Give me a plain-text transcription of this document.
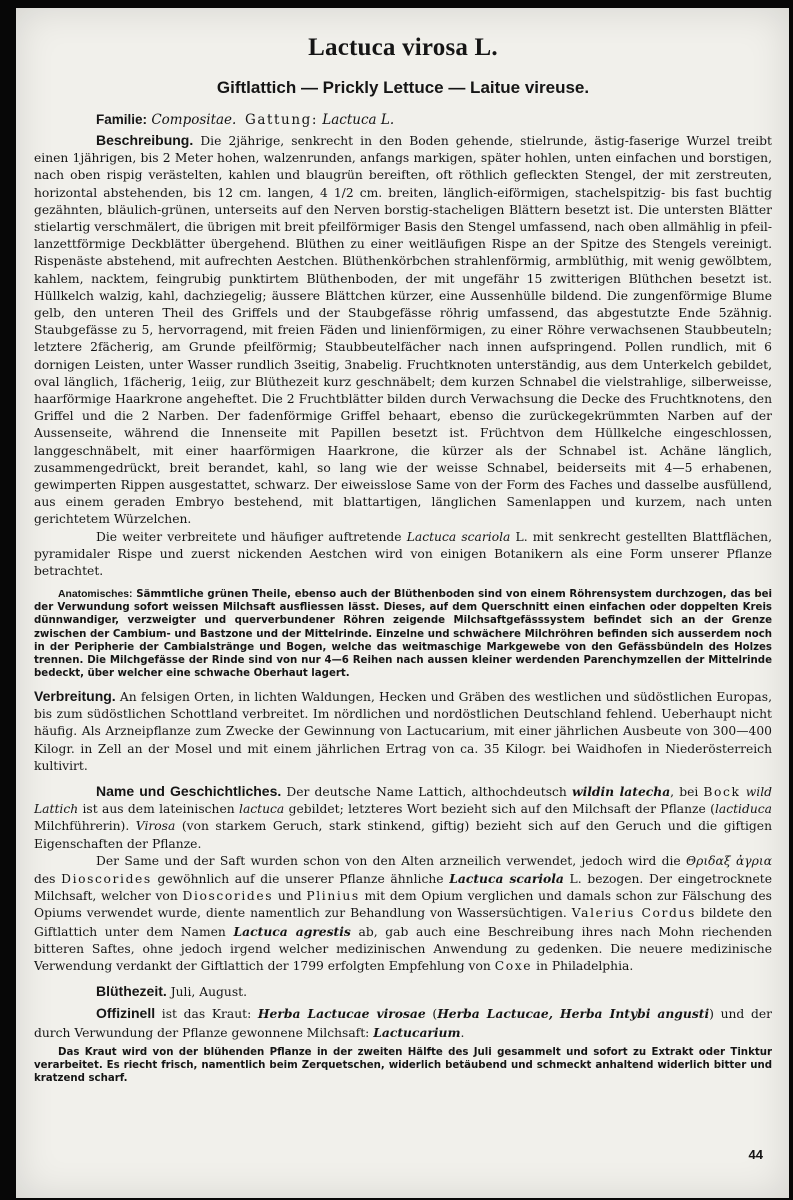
Lactuca virosa L.
Giftlattich — Prickly Lettuce — Laitue vireuse.

Familie: Compositae. Gattung: Lactuca L.

Beschreibung. Die 2jährige, senkrecht in den Boden gehende, stielrunde, ästig-faserige Wurzel treibt einen 1jährigen, bis 2 Meter hohen, walzenrunden, anfangs markigen, später hohlen, unten einfachen und borstigen, nach oben rispig verästelten, kahlen und blaugrün bereiften, oft röthlich gefleckten Stengel, der mit zerstreuten, horizontal abstehenden, bis 12 cm. langen, 4 1/2 cm. breiten, länglich-eiförmigen, stachelspitzig- bis fast buchtig gezähnten, bläulich-grünen, unterseits auf den Nerven borstig-stacheligen Blättern besetzt ist. Die untersten Blätter stielartig verschmälert, die übrigen mit breit pfeilförmiger Basis den Stengel umfassend, nach oben allmählig in pfeil-lanzettförmige Deckblätter übergehend. Blüthen zu einer weitläufigen Rispe an der Spitze des Stengels vereinigt. Rispenäste abstehend, mit aufrechten Aestchen. Blüthenkörbchen strahlenförmig, armblüthig, mit wenig gewölbtem, kahlem, nacktem, feingrubig punktirtem Blüthenboden, der mit ungefähr 15 zwitterigen Blüthchen besetzt ist. Hüllkelch walzig, kahl, dachziegelig; äussere Blättchen kürzer, eine Aussenhülle bildend. Die zungenförmige Blume gelb, den unteren Theil des Griffels und der Staubgefässe röhrig umfassend, das abgestutzte Ende 5zähnig. Staubgefässe zu 5, hervorragend, mit freien Fäden und linienförmigen, zu einer Röhre verwachsenen Staubbeuteln; letztere 2fächerig, am Grunde pfeilförmig; Staubbeutelfächer nach innen aufspringend. Pollen rundlich, mit 6 dornigen Leisten, unter Wasser rundlich 3seitig, 3nabelig. Fruchtknoten unterständig, aus dem Unterkelch gebildet, oval länglich, 1fächerig, 1eiig, zur Blüthezeit kurz geschnäbelt; dem kurzen Schnabel die vielstrahlige, silberweisse, haarförmige Haarkrone angeheftet. Die 2 Fruchtblätter bilden durch Verwachsung die Decke des Fruchtknotens, den Griffel und die 2 Narben. Der fadenförmige Griffel behaart, ebenso die zurückegekrümmten Narben auf der Aussenseite, während die Innenseite mit Papillen besetzt ist. Früchtvon dem Hüllkelche eingeschlossen, langgeschnäbelt, mit einer haarförmigen Haarkrone, die kürzer als der Schnabel ist. Achäne länglich, zusammengedrückt, breit berandet, kahl, so lang wie der weisse Schnabel, beiderseits mit 4—5 erhabenen, gewimperten Rippen ausgestattet, schwarz. Der eiweisslose Same von der Form des Faches und dasselbe ausfüllend, aus einem geraden Embryo bestehend, mit blattartigen, länglichen Samenlappen und kurzem, nach unten gerichtetem Würzelchen.

Die weiter verbreitete und häufiger auftretende Lactuca scariola L. mit senkrecht gestellten Blattflächen, pyramidaler Rispe und zuerst nickenden Aestchen wird von einigen Botanikern als eine Form unserer Pflanze betrachtet.

Anatomisches: Sämmtliche grünen Theile, ebenso auch der Blüthenboden sind von einem Röhrensystem durchzogen, das bei der Verwundung sofort weissen Milchsaft ausfliessen lässt. Dieses, auf dem Querschnitt einen einfachen oder doppelten Kreis dünnwandiger, verzweigter und querverbundener Röhren zeigende Milchsaftgefässsystem befindet sich an der Grenze zwischen der Cambium- und Bastzone und der Mittelrinde. Einzelne und schwächere Milchröhren befinden sich ausserdem noch in der Peripherie der Cambialstränge und Bogen, welche das weitmaschige Markgewebe von den Gefässbündeln des Holzes trennen. Die Milchgefässe der Rinde sind von nur 4—6 Reihen nach aussen kleiner werdenden Parenchymzellen der Mittelrinde bedeckt, über welcher eine schwache Oberhaut lagert.

Verbreitung. An felsigen Orten, in lichten Waldungen, Hecken und Gräben des westlichen und südöstlichen Europas, bis zum südöstlichen Schottland verbreitet. Im nördlichen und nordöstlichen Deutschland fehlend. Ueberhaupt nicht häufig. Als Arzneipflanze zum Zwecke der Gewinnung von Lactucarium, mit einer jährlichen Ausbeute von 300—400 Kilogr. in Zell an der Mosel und mit einem jährlichen Ertrag von ca. 35 Kilogr. bei Waidhofen in Niederösterreich kultivirt.

Name und Geschichtliches. Der deutsche Name Lattich, althochdeutsch wildin latecha, bei Bock wild Lattich ist aus dem lateinischen lactuca gebildet; letzteres Wort bezieht sich auf den Milchsaft der Pflanze (lactiduca Milchführerin). Virosa (von starkem Geruch, stark stinkend, giftig) bezieht sich auf den Geruch und die giftigen Eigenschaften der Pflanze.

Der Same und der Saft wurden schon von den Alten arzneilich verwendet, jedoch wird die Θριδαξ ἀγρια des Dioscorides gewöhnlich auf die unserer Pflanze ähnliche Lactuca scariola L. bezogen. Der eingetrocknete Milchsaft, welcher von Dioscorides und Plinius mit dem Opium verglichen und damals schon zur Fälschung des Opiums verwendet wurde, diente namentlich zur Behandlung von Wassersüchtigen. Valerius Cordus bildete den Giftlattich unter dem Namen Lactuca agrestis ab, gab auch eine Beschreibung ihres nach Mohn riechenden bitteren Saftes, ohne jedoch irgend welcher medizinischen Anwendung zu gedenken. Die neuere medizinische Verwendung verdankt der Giftlattich der 1799 erfolgten Empfehlung von Coxe in Philadelphia.

Blüthezeit. Juli, August.

Offizinell ist das Kraut: Herba Lactucae virosae (Herba Lactucae, Herba Intybi angusti) und der durch Verwundung der Pflanze gewonnene Milchsaft: Lactucarium.

Das Kraut wird von der blühenden Pflanze in der zweiten Hälfte des Juli gesammelt und sofort zu Extrakt oder Tinktur verarbeitet. Es riecht frisch, namentlich beim Zerquetschen, widerlich betäubend und schmeckt anhaltend widerlich bitter und kratzend scharf.

44
